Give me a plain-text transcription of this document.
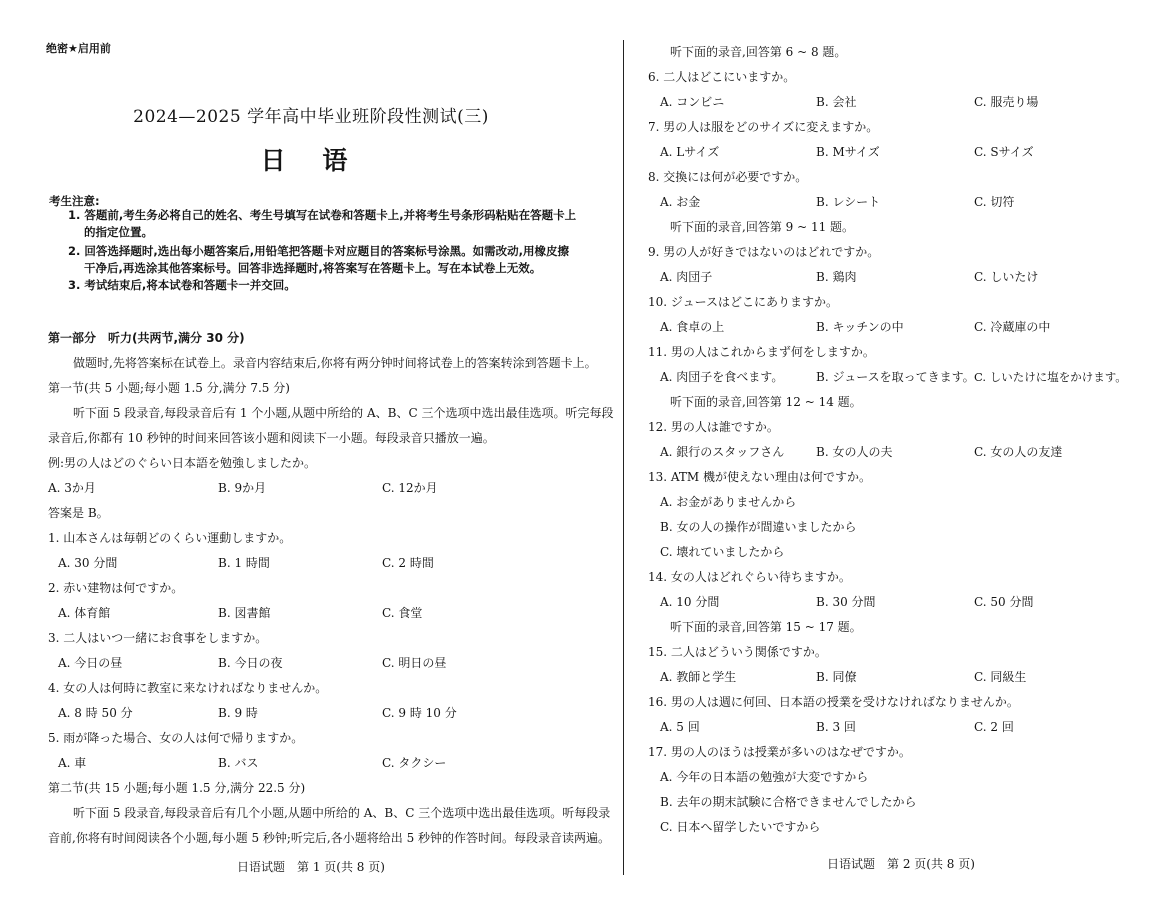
绝密★启用前
2024—2025 学年高中毕业班阶段性测试(三)
日 语
考生注意:
1. 答题前,考生务必将自己的姓名、考生号填写在试卷和答题卡上,并将考生号条形码粘贴在答题卡上
的指定位置。
2. 回答选择题时,选出每小题答案后,用铅笔把答题卡对应题目的答案标号涂黑。如需改动,用橡皮擦
干净后,再选涂其他答案标号。回答非选择题时,将答案写在答题卡上。写在本试卷上无效。
3. 考试结束后,将本试卷和答题卡一并交回。
第一部分　听力(共两节,满分 30 分)
做题时,先将答案标在试卷上。录音内容结束后,你将有两分钟时间将试卷上的答案转涂到答题卡上。
第一节(共 5 小题;每小题 1.5 分,满分 7.5 分)
听下面 5 段录音,每段录音后有 1 个小题,从题中所给的 A、B、C 三个选项中选出最佳选项。听完每段
录音后,你都有 10 秒钟的时间来回答该小题和阅读下一小题。每段录音只播放一遍。
例:男の人はどのぐらい日本語を勉強しましたか。
A. 3か月	B. 9か月	C. 12か月
答案是 B。
1. 山本さんは毎朝どのくらい運動しますか。
A. 30 分間	B. 1 時間	C. 2 時間
2. 赤い建物は何ですか。
A. 体育館	B. 図書館	C. 食堂
3. 二人はいつ一緒にお食事をしますか。
A. 今日の昼	B. 今日の夜	C. 明日の昼
4. 女の人は何時に教室に来なければなりませんか。
A. 8 時 50 分	B. 9 時	C. 9 時 10 分
5. 雨が降った場合、女の人は何で帰りますか。
A. 車	B. バス	C. タクシー
第二节(共 15 小题;每小题 1.5 分,满分 22.5 分)
听下面 5 段录音,每段录音后有几个小题,从题中所给的 A、B、C 三个选项中选出最佳选项。听每段录
音前,你将有时间阅读各个小题,每小题 5 秒钟;听完后,各小题将给出 5 秒钟的作答时间。每段录音读两遍。
日语试题　第 1 页(共 8 页)
听下面的录音,回答第 6 ~ 8 题。
6. 二人はどこにいますか。
A. コンビニ	B. 会社	C. 服売り場
7. 男の人は服をどのサイズに変えますか。
A. Lサイズ	B. Mサイズ	C. Sサイズ
8. 交換には何が必要ですか。
A. お金	B. レシート	C. 切符
听下面的录音,回答第 9 ~ 11 题。
9. 男の人が好きではないのはどれですか。
A. 肉団子	B. 鶏肉	C. しいたけ
10. ジュースはどこにありますか。
A. 食卓の上	B. キッチンの中	C. 冷蔵庫の中
11. 男の人はこれからまず何をしますか。
A. 肉団子を食べます。	B. ジュースを取ってきます。 C. しいたけに塩をかけます。
听下面的录音,回答第 12 ~ 14 题。
12. 男の人は誰ですか。
A. 銀行のスタッフさん	B. 女の人の夫	C. 女の人の友達
13. ATM 機が使えない理由は何ですか。
A. お金がありませんから
B. 女の人の操作が間違いましたから
C. 壊れていましたから
14. 女の人はどれぐらい待ちますか。
A. 10 分間	B. 30 分間	C. 50 分間
听下面的录音,回答第 15 ~ 17 题。
15. 二人はどういう関係ですか。
A. 教師と学生	B. 同僚	C. 同級生
16. 男の人は週に何回、日本語の授業を受けなければなりませんか。
A. 5 回	B. 3 回	C. 2 回
17. 男の人のほうは授業が多いのはなぜですか。
A. 今年の日本語の勉強が大変ですから
B. 去年の期末試験に合格できませんでしたから
C. 日本へ留学したいですから
日语试题　第 2 页(共 8 页)
